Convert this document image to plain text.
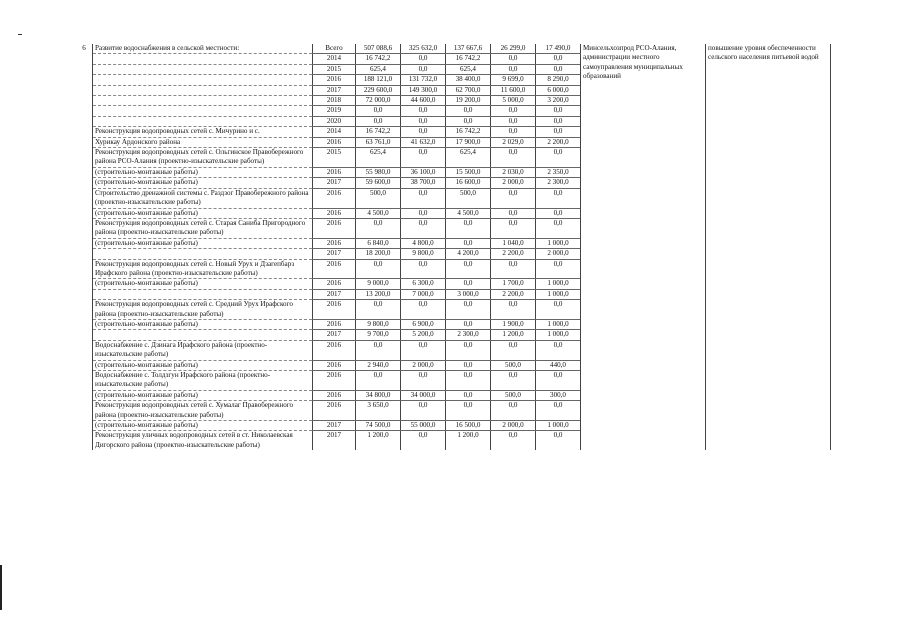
6	Развитие водоснабжения в сельской местности:	Всего	507 088,6	325 632,0	137 667,6	26 299,0	17 490,0	Минсельхозпрод РСО-Алания, администрации местного самоуправления муниципальных образований	повышение уровня обеспеченности сельского населения питьевой водой
		2014	16 742,2	0,0	16 742,2	0,0	0,0		
		2015	625,4	0,0	625,4	0,0	0,0		
		2016	188 121,0	131 732,0	38 400,0	9 699,0	8 290,0		
		2017	229 600,0	149 300,0	62 700,0	11 600,0	6 000,0		
		2018	72 000,0	44 600,0	19 200,0	5 000,0	3 200,0		
		2019	0,0	0,0	0,0	0,0	0,0		
		2020	0,0	0,0	0,0	0,0	0,0		
	Реконструкция водопроводных сетей с. Мичурино и с.	2014	16 742,2	0,0	16 742,2	0,0	0,0		
	Хурикау Ардонского района	2016	63 761,0	41 632,0	17 900,0	2 029,0	2 200,0		
	Реконструкция водопроводных сетей с. Ольгинское Правобережного района РСО-Алания (проектно-изыскательские работы)	2015	625,4	0,0	625,4	0,0	0,0		
	(строительно-монтажные работы)	2016	55 980,0	36 100,0	15 500,0	2 030,0	2 350,0		
	(строительно-монтажные работы)	2017	59 600,0	38 700,0	16 600,0	2 000,0	2 300,0		
	Строительство дренажной системы с. Раздзог Правобережного района (проектно-изыскательские работы)	2016	500,0	0,0	500,0	0,0	0,0		
	(строительно-монтажные работы)	2016	4 500,0	0,0	4 500,0	0,0	0,0		
	Реконструкция водопроводных сетей с. Старая Саниба Пригородного района (проектно-изыскательские работы)	2016	0,0	0,0	0,0	0,0	0,0		
	(строительно-монтажные работы)	2016	6 840,0	4 800,0	0,0	1 040,0	1 000,0		
		2017	18 200,0	9 800,0	4 200,0	2 200,0	2 000,0		
	Реконструкция водопроводных сетей с. Новый Урух и Дзагепбарз Ирафского района (проектно-изыскательские работы)	2016	0,0	0,0	0,0	0,0	0,0		
	(строительно-монтажные работы)	2016	9 000,0	6 300,0	0,0	1 700,0	1 000,0		
		2017	13 200,0	7 000,0	3 000,0	2 200,0	1 000,0		
	Реконструкция водопроводных сетей с. Средний Урух Ирафского района (проектно-изыскательские работы)	2016	0,0	0,0	0,0	0,0	0,0		
	(строительно-монтажные работы)	2016	9 800,0	6 900,0	0,0	1 900,0	1 000,0		
		2017	9 700,0	5 200,0	2 300,0	1 200,0	1 000,0		
	Водоснабжение с. Дзинага Ирафского района (проектно-изыскательские работы)	2016	0,0	0,0	0,0	0,0	0,0		
	(строительно-монтажные работы)	2016	2 940,0	2 000,0	0,0	500,0	440,0		
	Водоснабжение с. Толдзгун Ирафского района (проектно-изыскательские работы)	2016	0,0	0,0	0,0	0,0	0,0		
	(строительно-монтажные работы)	2016	34 800,0	34 000,0	0,0	500,0	300,0		
	Реконструкция водопроводных сетей с. Хумалаг Правобережного района (проектно-изыскательские работы)	2016	3 650,0	0,0	0,0	0,0	0,0		
	(строительно-монтажные работы)	2017	74 500,0	55 000,0	16 500,0	2 000,0	1 000,0		
	Реконструкция уличных водопроводных сетей в ст. Николаевская Дигорского района (проектно-изыскательские работы)	2017	1 200,0	0,0	1 200,0	0,0	0,0		
